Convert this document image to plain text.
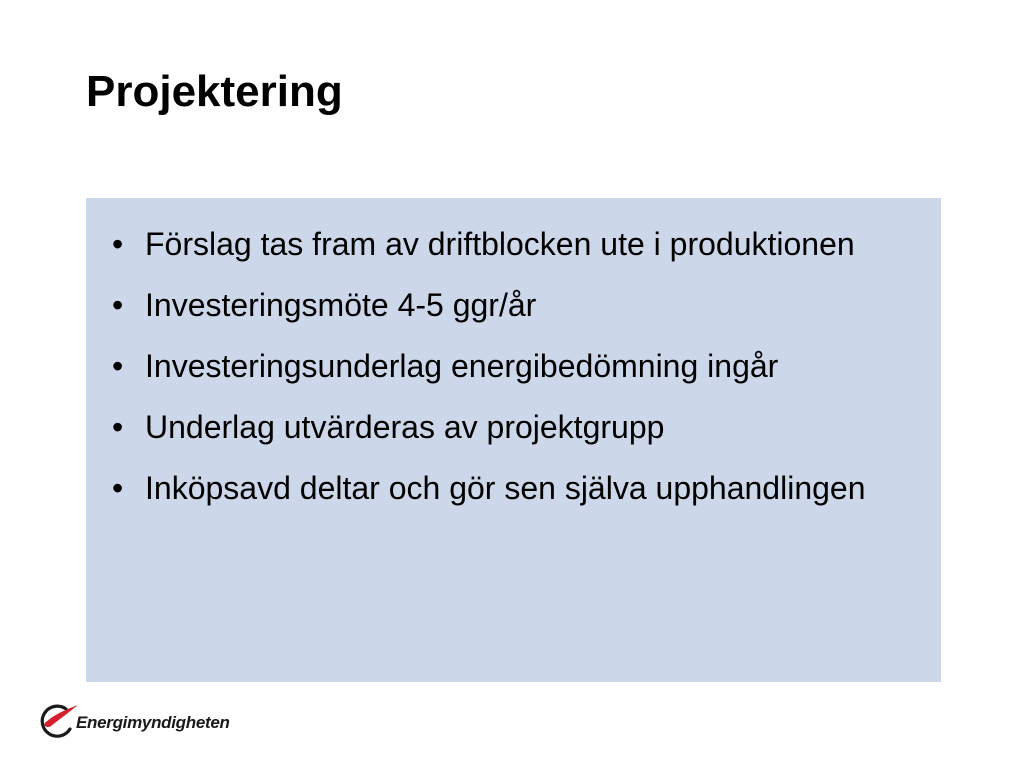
Projektering
• Förslag tas fram av driftblocken ute i produktionen
• Investeringsmöte 4-5 ggr/år
• Investeringsunderlag energibedömning ingår
• Underlag utvärderas av projektgrupp
• Inköpsavd deltar och gör sen själva upphandlingen
Energimyndigheten
